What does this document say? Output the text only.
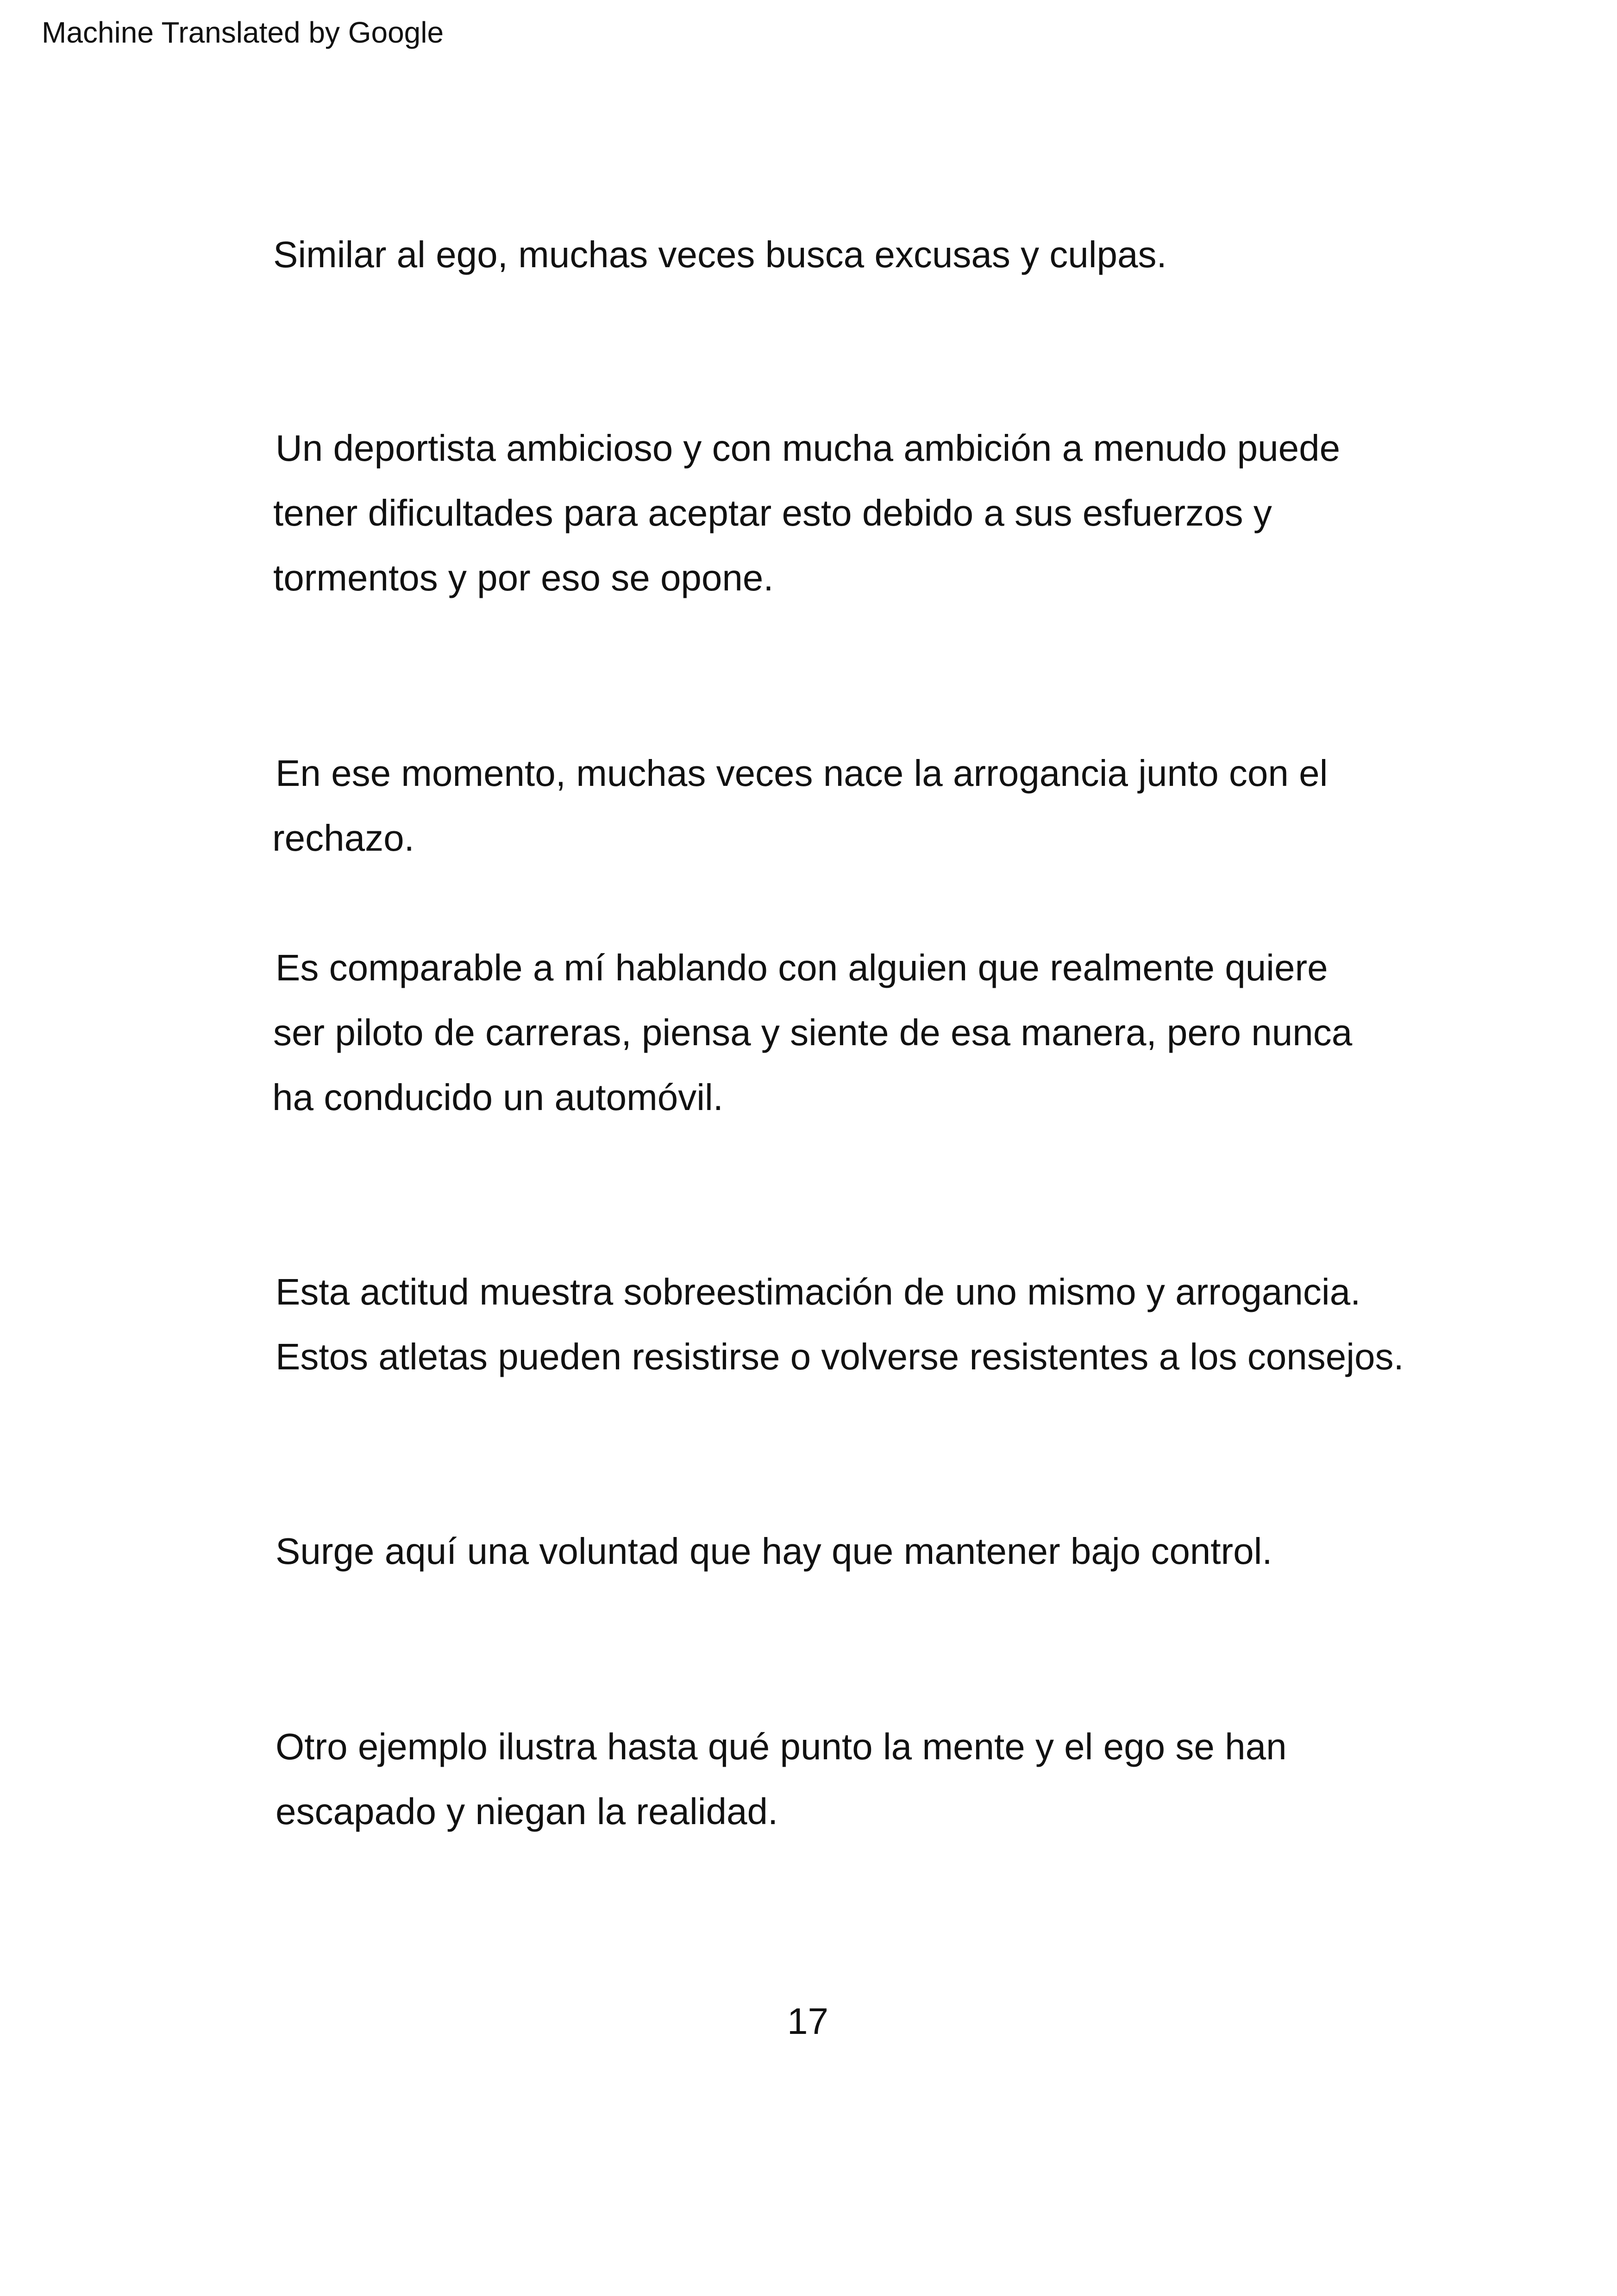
Machine Translated by Google
Similar al ego, muchas veces busca excusas y culpas.
Un deportista ambicioso y con mucha ambición a menudo puede
tener dificultades para aceptar esto debido a sus esfuerzos y
tormentos y por eso se opone.
En ese momento, muchas veces nace la arrogancia junto con el
rechazo.
Es comparable a mí hablando con alguien que realmente quiere
ser piloto de carreras, piensa y siente de esa manera, pero nunca
ha conducido un automóvil.
Esta actitud muestra sobreestimación de uno mismo y arrogancia.
Estos atletas pueden resistirse o volverse resistentes a los consejos.
Surge aquí una voluntad que hay que mantener bajo control.
Otro ejemplo ilustra hasta qué punto la mente y el ego se han
escapado y niegan la realidad.
17
